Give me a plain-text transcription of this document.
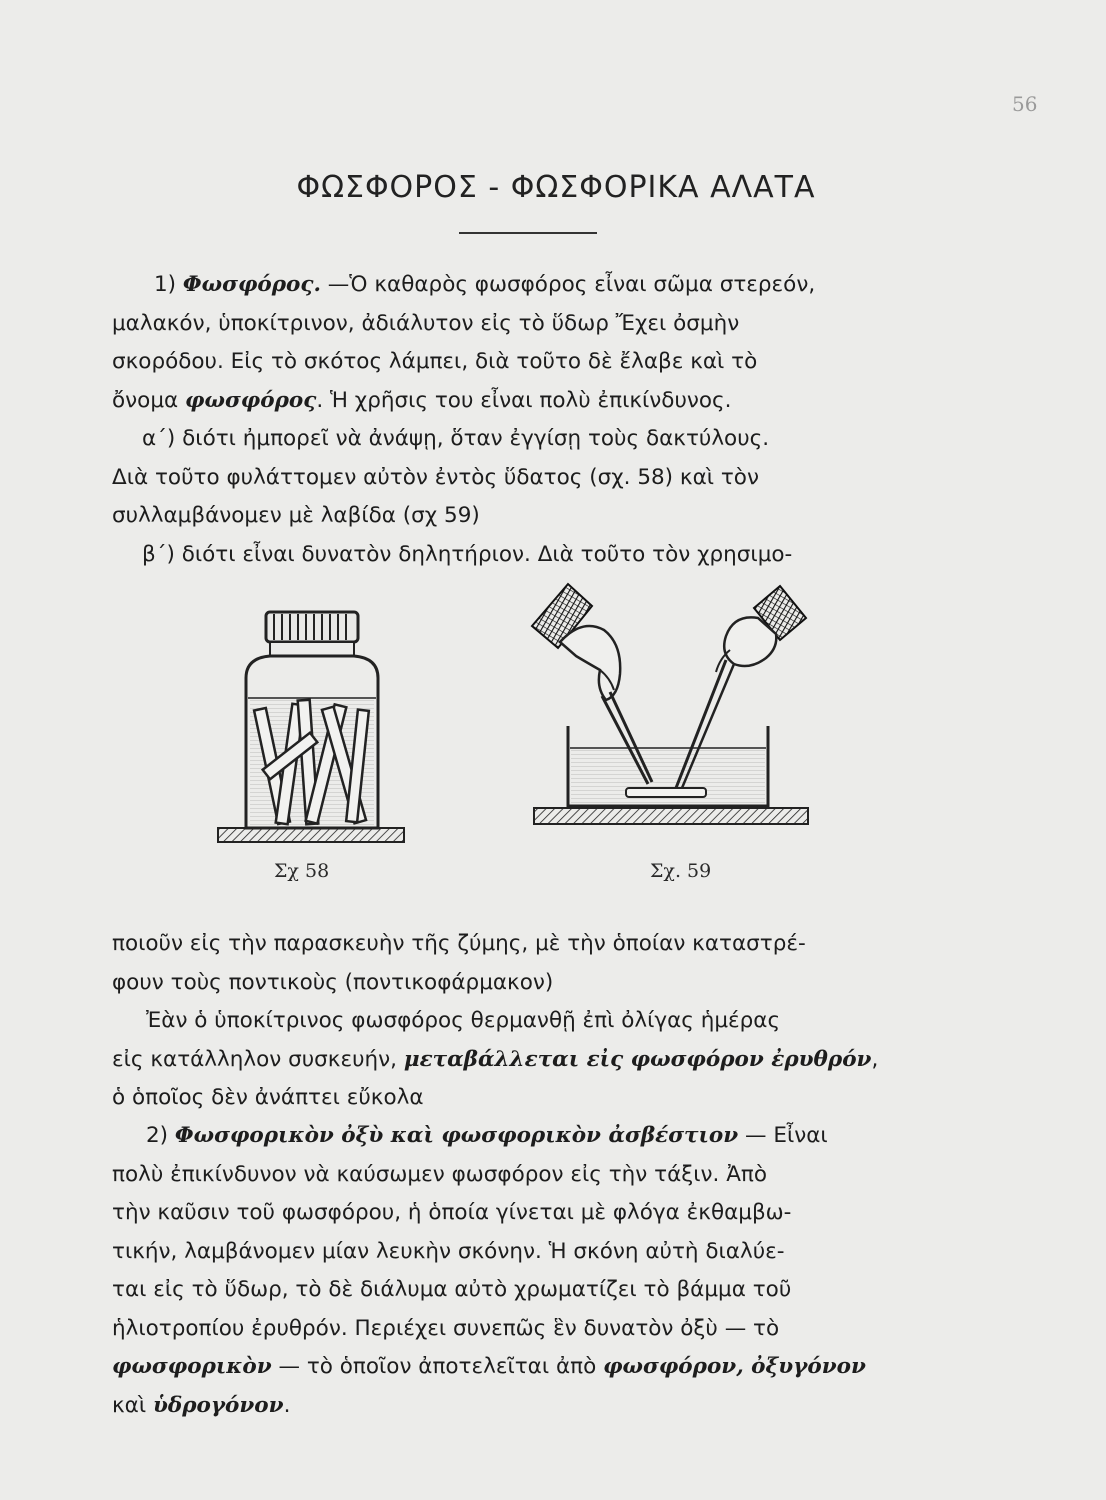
56
ΦΩΣΦΟΡΟΣ - ΦΩΣΦΟΡΙΚΑ ΑΛΑΤΑ

1) Φωσφόρος. —Ὁ καθαρὸς φωσφόρος εἶναι σῶμα στερεόν,

μαλακόν, ὑποκίτρινον, ἀδιάλυτον εἰς τὸ ὕδωρ Ἔχει ὀσμὴν

σκορόδου. Εἰς τὸ σκότος λάμπει, διὰ τοῦτο δὲ ἔλαβε καὶ τὸ

ὄνομα φωσφόρος. Ἡ χρῆσις του εἶναι πολὺ ἐπικίνδυνος.

α΄) διότι ἠμπορεῖ νὰ ἀνάψῃ, ὅταν ἐγγίσῃ τοὺς δακτύλους.

Διὰ τοῦτο φυλάττομεν αὐτὸν ἐντὸς ὕδατος (σχ. 58) καὶ τὸν

συλλαμβάνομεν μὲ λαβίδα (σχ 59)

β΄) διότι εἶναι δυνατὸν δηλητήριον. Διὰ τοῦτο τὸν χρησιμο-

Σχ 58	Σχ. 59

ποιοῦν εἰς τὴν παρασκευὴν τῆς ζύμης, μὲ τὴν ὁποίαν καταστρέ-

φουν τοὺς ποντικοὺς (ποντικοφάρμακον)

Ἐὰν ὁ ὑποκίτρινος φωσφόρος θερμανθῇ ἐπὶ ὀλίγας ἡμέρας

εἰς κατάλληλον συσκευήν, μεταβάλλεται εἰς φωσφόρον ἐρυθρόν,

ὁ ὁποῖος δὲν ἀνάπτει εὔκολα

2) Φωσφορικὸν ὀξὺ καὶ φωσφορικὸν ἀσβέστιον — Εἶναι

πολὺ ἐπικίνδυνον νὰ καύσωμεν φωσφόρον εἰς τὴν τάξιν. Ἀπὸ

τὴν καῦσιν τοῦ φωσφόρου, ἡ ὁποία γίνεται μὲ φλόγα ἐκθαμβω-

τικήν, λαμβάνομεν μίαν λευκὴν σκόνην. Ἡ σκόνη αὐτὴ διαλύε-

ται εἰς τὸ ὕδωρ, τὸ δὲ διάλυμα αὐτὸ χρωματίζει τὸ βάμμα τοῦ

ἡλιοτροπίου ἐρυθρόν. Περιέχει συνεπῶς ἓν δυνατὸν ὀξὺ — τὸ

φωσφορικὸν — τὸ ὁποῖον ἀποτελεῖται ἀπὸ φωσφόρον, ὀξυγόνον

καὶ ὑδρογόνον.
